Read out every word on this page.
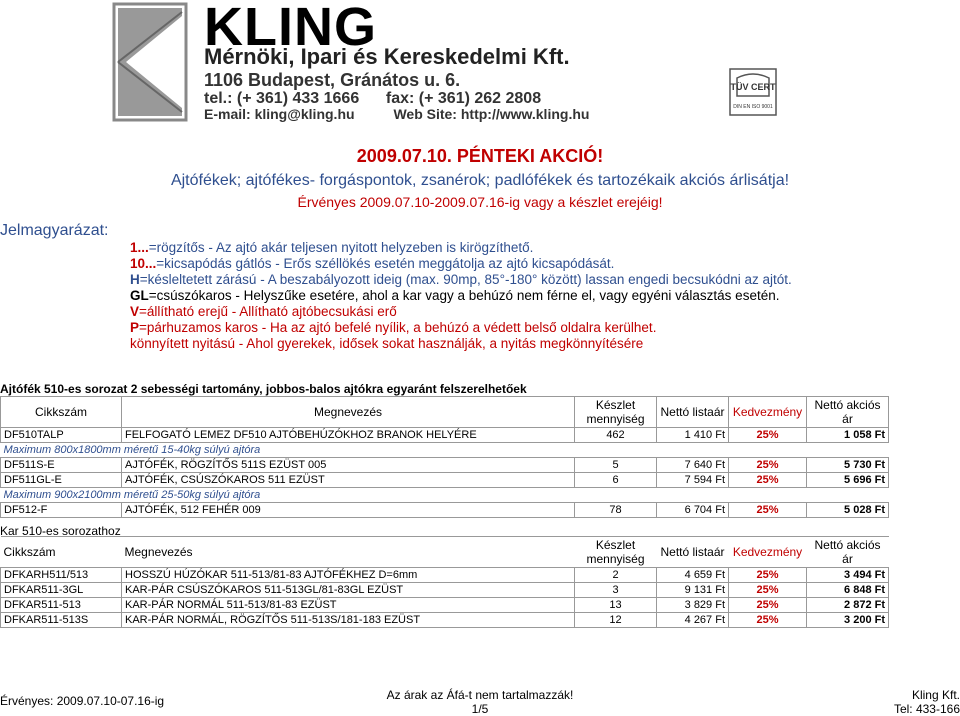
KLING
Mérnöki, Ipari és Kereskedelmi Kft.
1106 Budapest, Gránátos u. 6.
tel.: (+ 361) 433 1666      fax: (+ 361) 262 2808
E-mail: kling@kling.hu          Web Site: http://www.kling.hu
TÜV CERT
DIN EN ISO 9001
2009.07.10. PÉNTEKI AKCIÓ!
Ajtófékek; ajtófékes- forgáspontok, zsanérok; padlófékek és tartozékaik akciós árlisátja!
Érvényes 2009.07.10-2009.07.16-ig vagy a készlet erejéig!
Jelmagyarázat:
1...=rögzítős - Az ajtó akár teljesen nyitott helyzeben is kirögzíthető.
10...=kicsapódás gátlós - Erős széllökés esetén meggátolja az ajtó kicsapódását.
H=késleltetett zárású - A beszabályozott ideig (max. 90mp, 85°-180° között) lassan engedi becsukódni az ajtót.
GL=csúszókaros - Helyszűke esetére, ahol a kar vagy a behúzó nem férne el, vagy egyéni választás esetén.
V=állítható erejű - Allítható ajtóbecsukási erő
P=párhuzamos karos - Ha az ajtó befelé nyílik, a behúzó a védett belső oldalra kerülhet.
könnyített nyitású - Ahol gyerekek, idősek sokat használják, a nyitás megkönnyítésére
Ajtófék 510-es sorozat 2 sebességi tartomány, jobbos-balos ajtókra egyaránt felszerelhetőek
Cikkszám	Megnevezés	Készlet mennyiség	Nettó listaár	Kedvezmény	Nettó akciós ár
DF510TALP	FELFOGATÓ LEMEZ DF510 AJTÓBEHÚZÓKHOZ BRANOK HELYÉRE	462	1 410 Ft	25%	1 058 Ft
Maximum 800x1800mm méretű 15-40kg súlyú ajtóra					
DF511S-E	AJTÓFÉK, RÖGZÍTŐS 511S EZÜST 005	5	7 640 Ft	25%	5 730 Ft
DF511GL-E	AJTÓFÉK, CSÚSZÓKAROS 511 EZÜST	6	7 594 Ft	25%	5 696 Ft
Maximum 900x2100mm méretű 25-50kg súlyú ajtóra					
DF512-F	AJTÓFÉK, 512 FEHÉR 009	78	6 704 Ft	25%	5 028 Ft
Kar 510-es sorozathoz
Cikkszám	Megnevezés	Készlet mennyiség	Nettó listaár	Kedvezmény	Nettó akciós ár
DFKARH511/513	HOSSZÚ HÚZÓKAR 511-513/81-83 AJTÓFÉKHEZ D=6mm	2	4 659 Ft	25%	3 494 Ft
DFKAR511-3GL	KAR-PÁR CSÚSZÓKAROS 511-513GL/81-83GL EZÜST	3	9 131 Ft	25%	6 848 Ft
DFKAR511-513	KAR-PÁR NORMÁL 511-513/81-83 EZÜST	13	3 829 Ft	25%	2 872 Ft
DFKAR511-513S	KAR-PÁR NORMÁL, RÖGZÍTŐS 511-513S/181-183 EZÜST	12	4 267 Ft	25%	3 200 Ft
Érvényes: 2009.07.10-07.16-ig	Az árak az Áfá-t nem tartalmazzák!
1/5
Kling Kft.
Tel: 433-166
